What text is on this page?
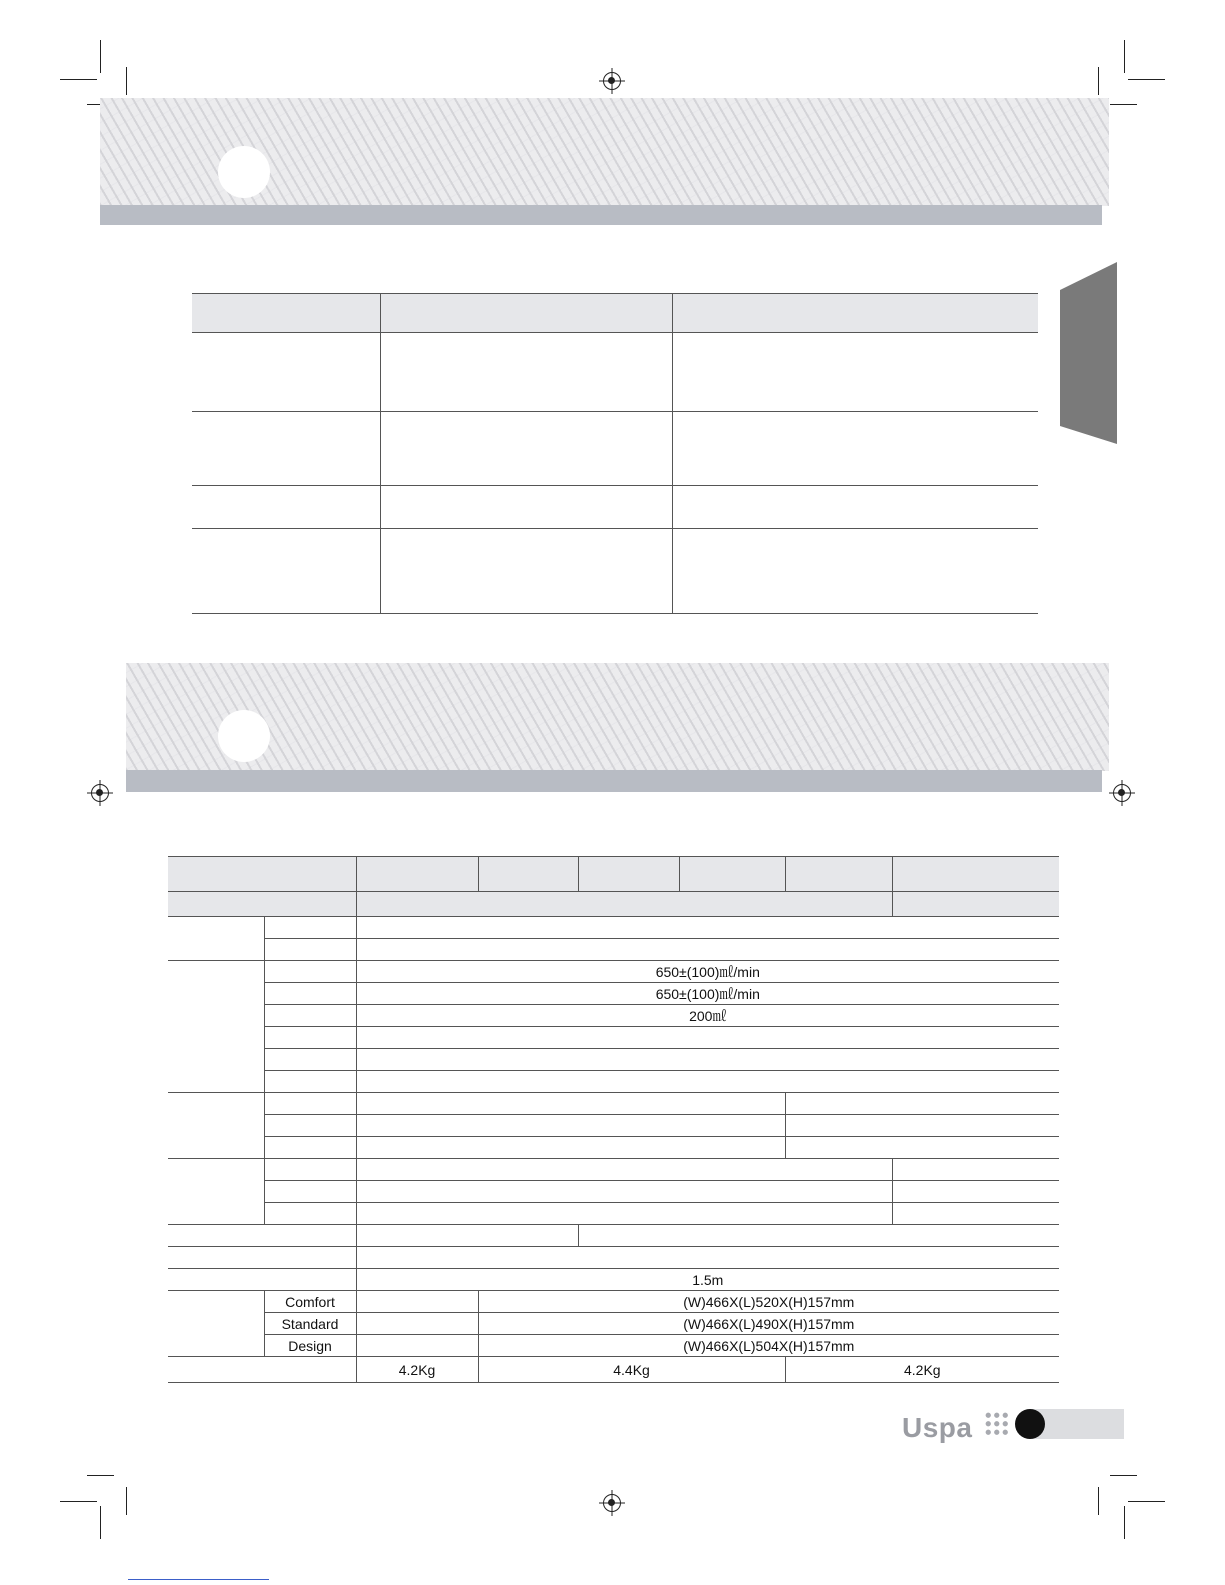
		650±(100)㎖/min					
		650±(100)㎖/min					
		200㎖					

		1.5m					
	Comfort		(W)466X(L)520X(H)157mm				
	Standard		(W)466X(L)490X(H)157mm				
	Design		(W)466X(L)504X(H)157mm				
		4.2Kg	4.4Kg			4.2Kg	
Uspa
